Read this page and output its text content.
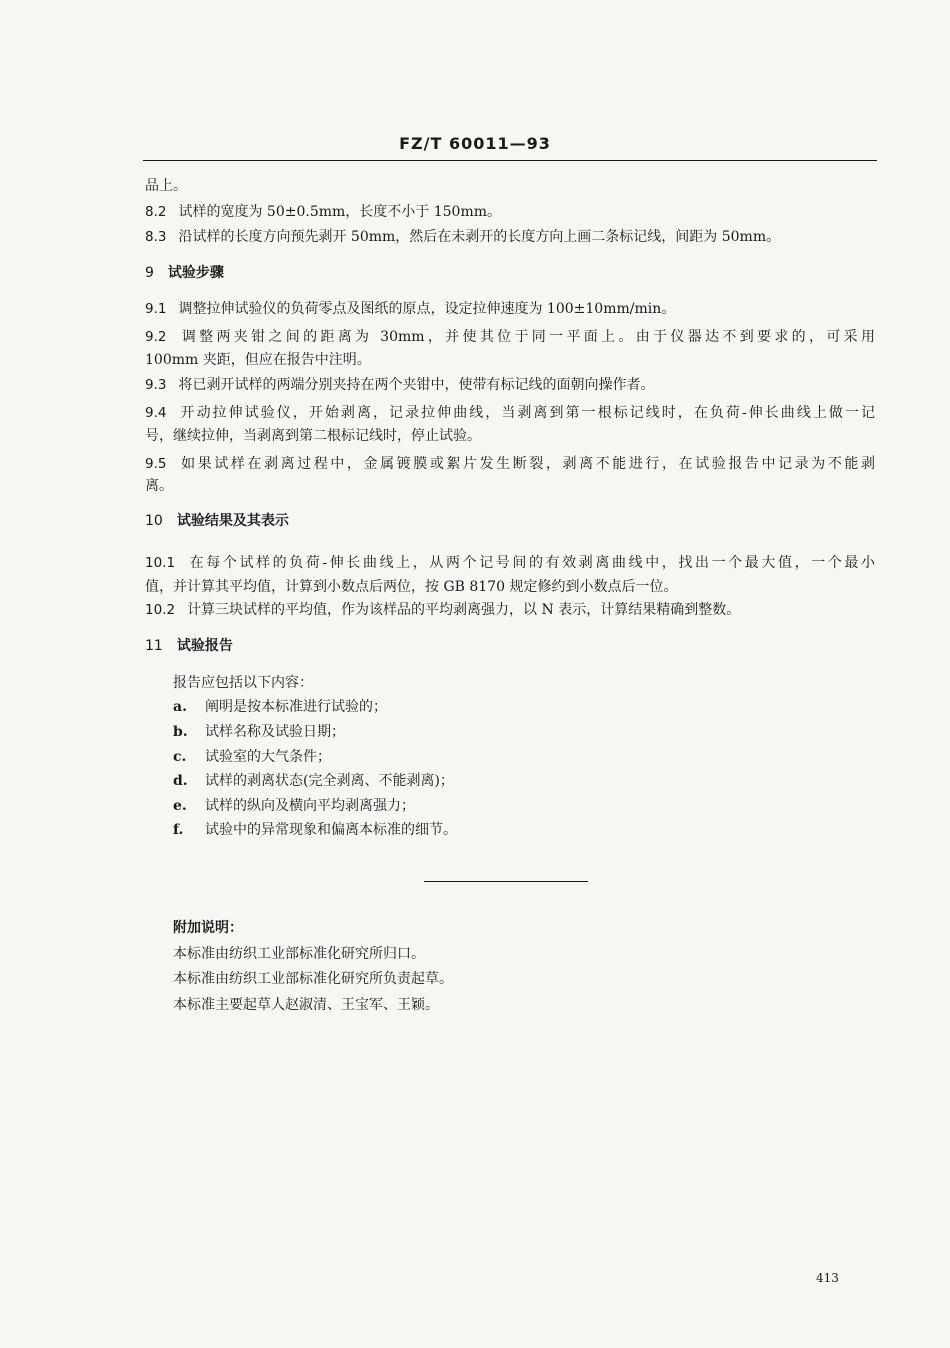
FZ/T 60011—93
品上。
8.2 试样的宽度为 50±0.5mm，长度不小于 150mm。
8.3 沿试样的长度方向预先剥开 50mm，然后在未剥开的长度方向上画二条标记线，间距为 50mm。
9 试验步骤
9.1 调整拉伸试验仪的负荷零点及图纸的原点，设定拉伸速度为 100±10mm/min。
9.2 调整两夹钳之间的距离为 30mm，并使其位于同一平面上。由于仪器达不到要求的，可采用
100mm 夹距，但应在报告中注明。
9.3 将已剥开试样的两端分别夹持在两个夹钳中，使带有标记线的面朝向操作者。
9.4 开动拉伸试验仪，开始剥离，记录拉伸曲线，当剥离到第一根标记线时，在负荷-伸长曲线上做一记
号，继续拉伸，当剥离到第二根标记线时，停止试验。
9.5 如果试样在剥离过程中，金属镀膜或絮片发生断裂，剥离不能进行，在试验报告中记录为不能剥
离。
10 试验结果及其表示
10.1 在每个试样的负荷-伸长曲线上，从两个记号间的有效剥离曲线中，找出一个最大值，一个最小
值，并计算其平均值，计算到小数点后两位，按 GB 8170 规定修约到小数点后一位。
10.2 计算三块试样的平均值，作为该样品的平均剥离强力，以 N 表示，计算结果精确到整数。
11 试验报告
报告应包括以下内容：
a. 阐明是按本标准进行试验的；
b. 试样名称及试验日期；
c. 试验室的大气条件；
d. 试样的剥离状态(完全剥离、不能剥离)；
e. 试样的纵向及横向平均剥离强力；
f. 试验中的异常现象和偏离本标准的细节。
附加说明：
本标准由纺织工业部标准化研究所归口。
本标准由纺织工业部标准化研究所负责起草。
本标准主要起草人赵淑清、王宝军、王颖。
413
